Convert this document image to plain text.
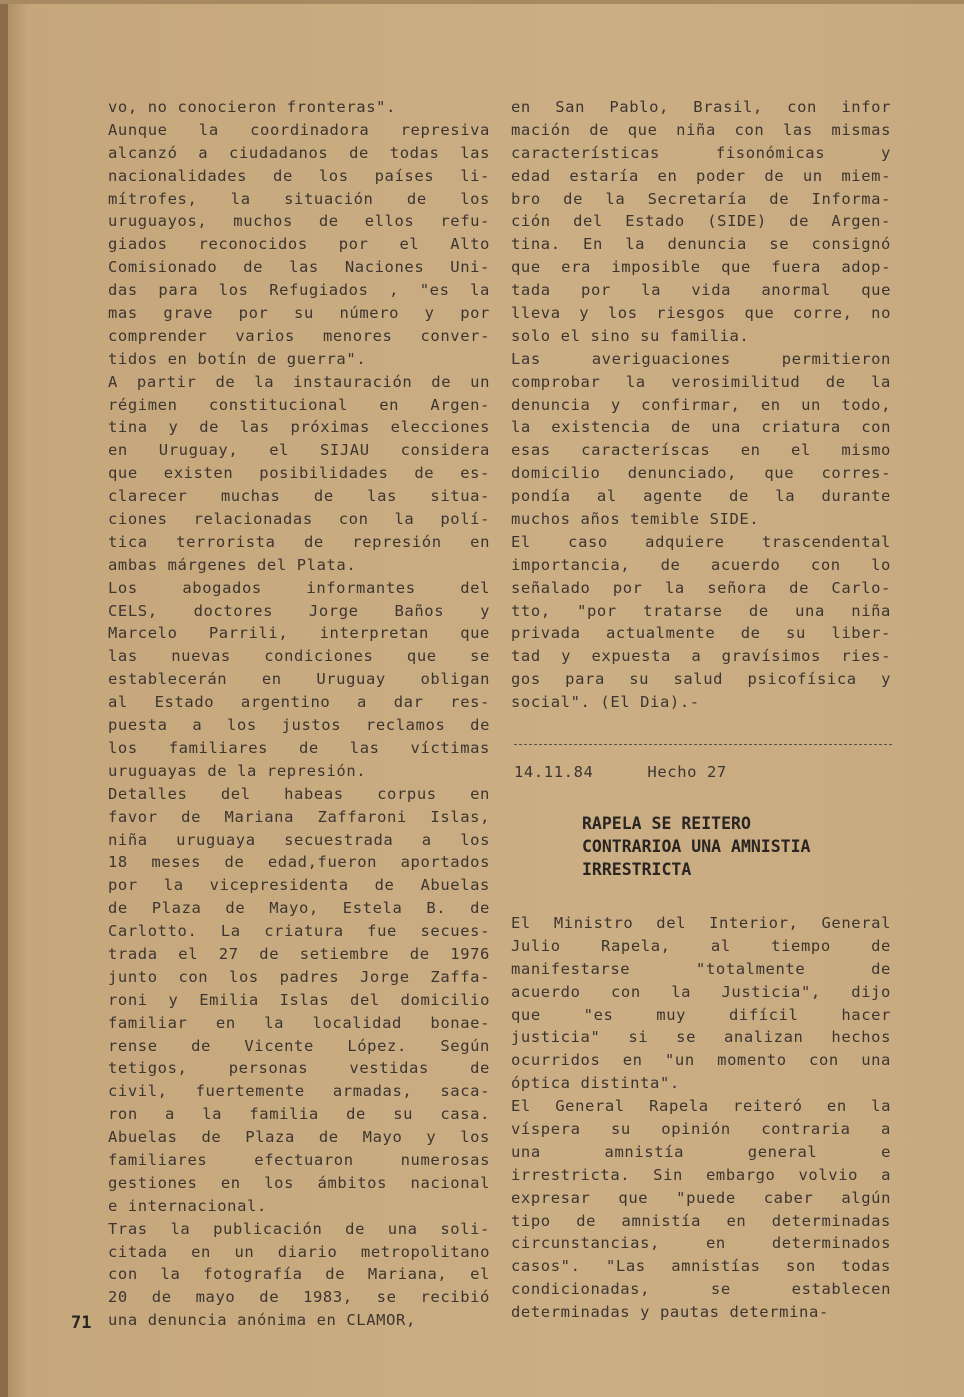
vo, no conocieron fronteras".
Aunque la coordinadora represiva
alcanzó a ciudadanos de todas las
nacionalidades de los países li-
mítrofes, la situación de los
uruguayos, muchos de ellos refu-
giados reconocidos por el Alto
Comisionado de las Naciones Uni-
das para los Refugiados , "es la
mas grave por su número y por
comprender varios menores conver-
tidos en botín de guerra".
A partir de la instauración de un
régimen constitucional en Argen-
tina y de las próximas elecciones
en Uruguay, el SIJAU considera
que existen posibilidades de es-
clarecer muchas de las situa-
ciones relacionadas con la polí-
tica terrorista de represión en
ambas márgenes del Plata.
Los abogados informantes del
CELS, doctores Jorge Baños y
Marcelo Parrili, interpretan que
las nuevas condiciones que se
establecerán en Uruguay obligan
al Estado argentino a dar res-
puesta a los justos reclamos de
los familiares de las víctimas
uruguayas de la represión.
Detalles del habeas corpus en
favor de Mariana Zaffaroni Islas,
niña uruguaya secuestrada a los
18 meses de edad,fueron aportados
por la vicepresidenta de Abuelas
de Plaza de Mayo, Estela B. de
Carlotto. La criatura fue secues-
trada el 27 de setiembre de 1976
junto con los padres Jorge Zaffa-
roni y Emilia Islas del domicilio
familiar en la localidad bonae-
rense de Vicente López. Según
tetigos, personas vestidas de
civil, fuertemente armadas, saca-
ron a la familia de su casa.
Abuelas de Plaza de Mayo y los
familiares efectuaron numerosas
gestiones en los ámbitos nacional
e internacional.
Tras la publicación de una soli-
citada en un diario metropolitano
con la fotografía de Mariana, el
20 de mayo de 1983, se recibió
una denuncia anónima en CLAMOR,
en San Pablo, Brasil, con infor
mación de que niña con las mismas
características fisonómicas y
edad estaría en poder de un miem-
bro de la Secretaría de Informa-
ción del Estado (SIDE) de Argen-
tina. En la denuncia se consignó
que era imposible que fuera adop-
tada por la vida anormal que
lleva y los riesgos que corre, no
solo el sino su familia.
Las averiguaciones permitieron
comprobar la verosimilitud de la
denuncia y confirmar, en un todo,
la existencia de una criatura con
esas caracteríscas en el mismo
domicilio denunciado, que corres-
pondía al agente de la durante
muchos años temible SIDE.
El caso adquiere trascendental
importancia, de acuerdo con lo
señalado por la señora de Carlo-
tto, "por tratarse de una niña
privada actualmente de su liber-
tad y expuesta a gravísimos ries-
gos para su salud psicofísica y
social". (El Dia).-
14.11.84	Hecho 27
RAPELA SE REITERO
CONTRARIOA UNA AMNISTIA
IRRESTRICTA
El Ministro del Interior, General
Julio Rapela, al tiempo de
manifestarse "totalmente de
acuerdo con la Justicia", dijo
que "es muy difícil hacer
justicia" si se analizan hechos
ocurridos en "un momento con una
óptica distinta".
El General Rapela reiteró en la
víspera su opinión contraria a
una amnistía general e
irrestricta. Sin embargo volvio a
expresar que "puede caber algún
tipo de amnistía en determinadas
circunstancias, en determinados
casos". "Las amnistías son todas
condicionadas, se establecen
determinadas y pautas determina-
71
